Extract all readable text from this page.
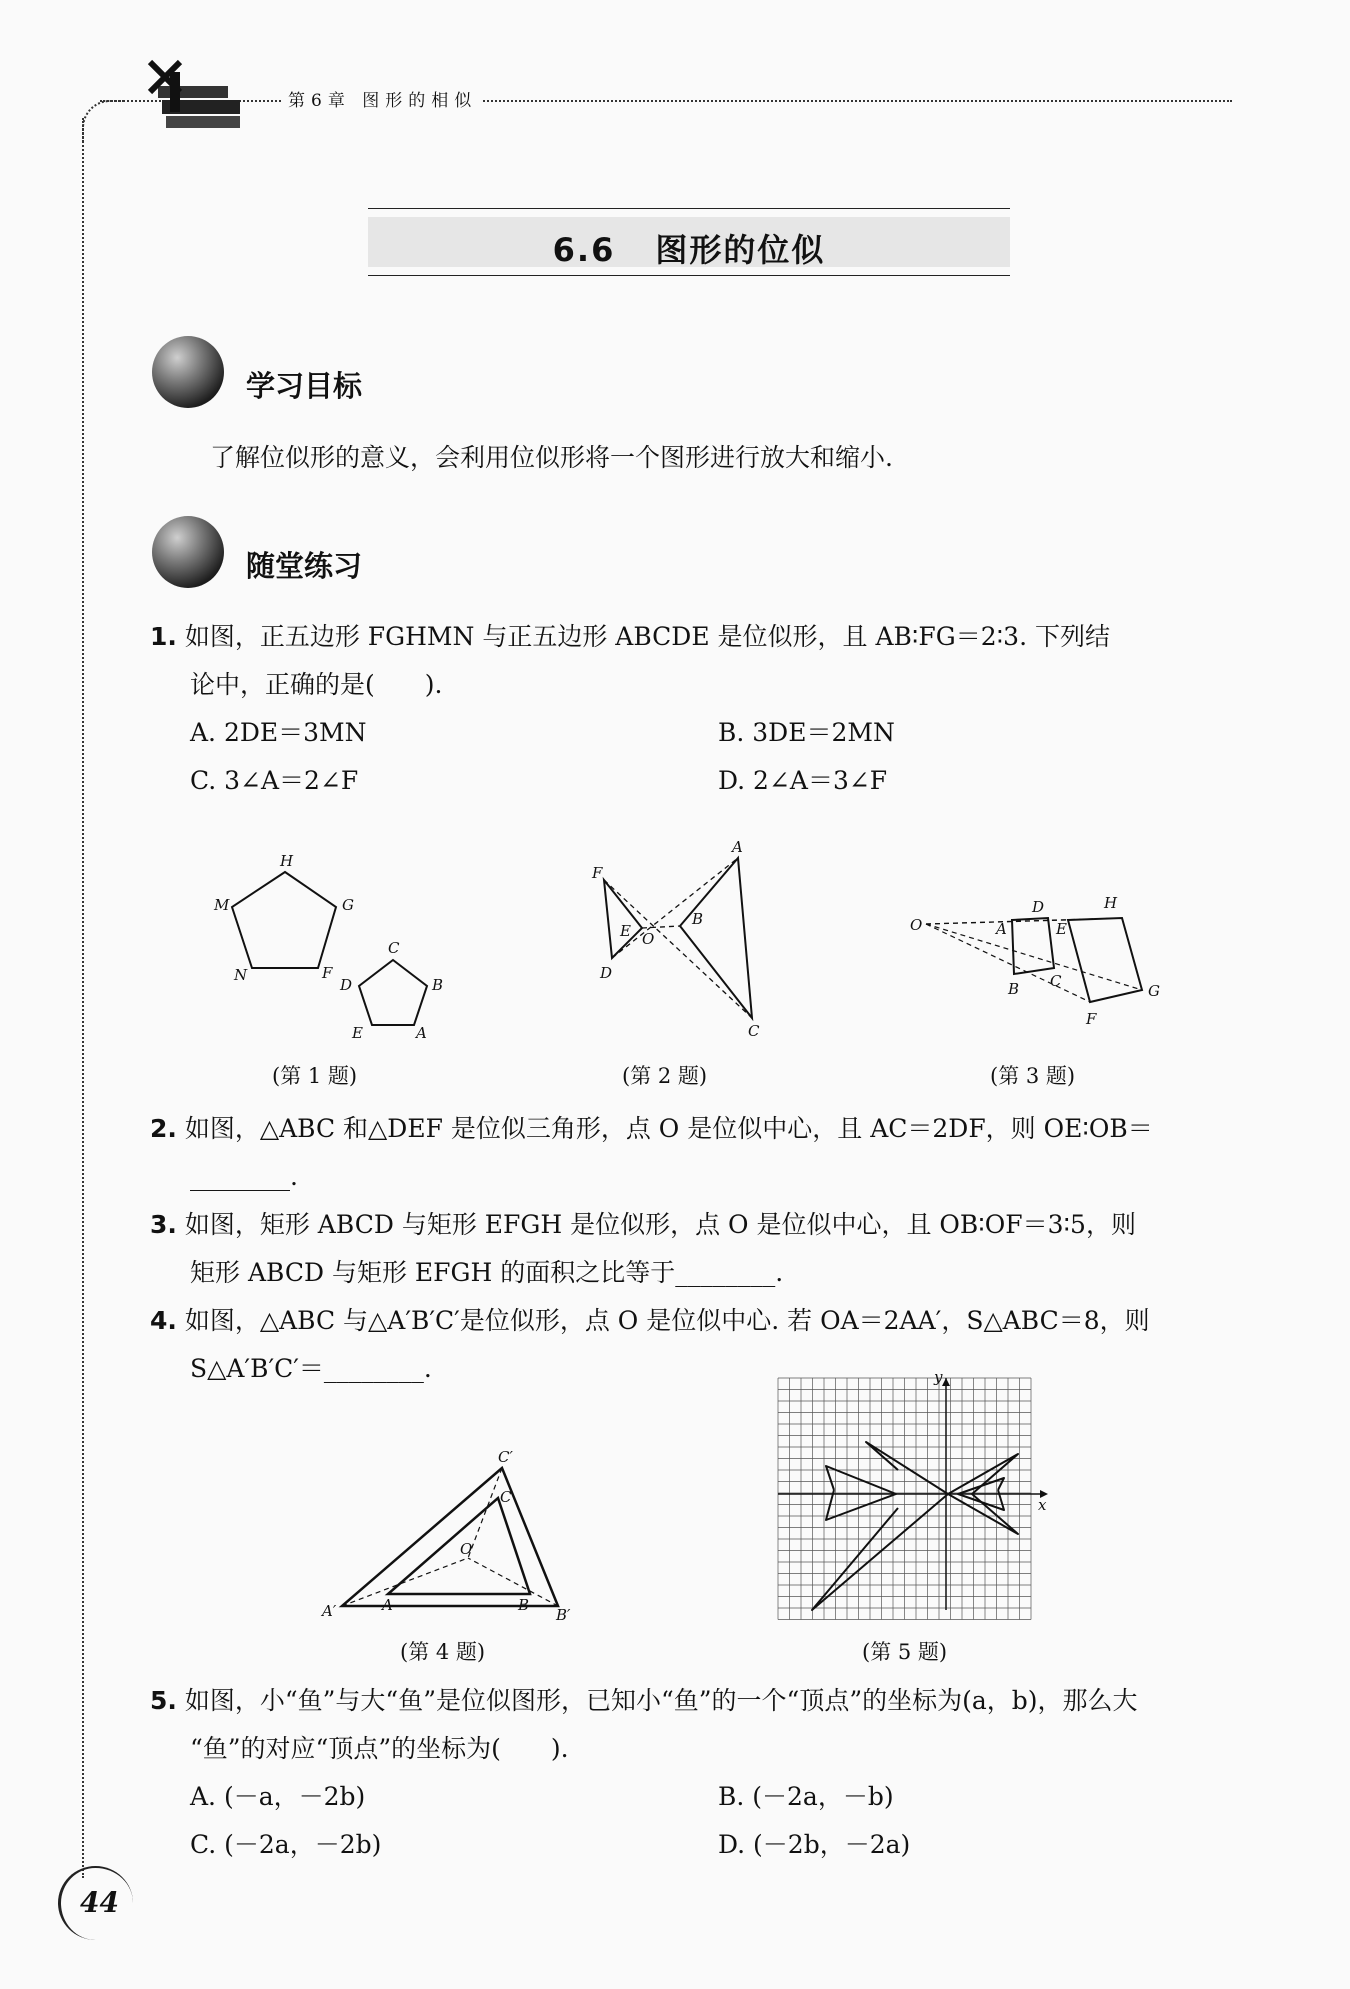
第6章 图形的相似
6.6 图形的位似
学习目标
了解位似形的意义，会利用位似形将一个图形进行放大和缩小.
随堂练习
1. 如图，正五边形 FGHMN 与正五边形 ABCDE 是位似形，且 AB∶FG＝2∶3. 下列结
论中，正确的是(　　).
A. 2DE＝3MN	B. 3DE＝2MN
C. 3∠A＝2∠F	D. 2∠A＝3∠F
H
G
M
N	F
C
D	B
E	A
(第 1 题)
F
A
E O
B
D
C
(第 2 题)
O
D	H
A	E
B C
G
F
(第 3 题)
2. 如图，△ABC 和△DEF 是位似三角形，点 O 是位似中心，且 AC＝2DF，则 OE∶OB＝
________.
3. 如图，矩形 ABCD 与矩形 EFGH 是位似形，点 O 是位似中心，且 OB∶OF＝3∶5，则
矩形 ABCD 与矩形 EFGH 的面积之比等于________.
4. 如图，△ABC 与△A′B′C′是位似形，点 O 是位似中心. 若 OA＝2AA′，S△ABC＝8，则
S△A′B′C′＝________.
C′
C
O
A′	A	B
B′
(第 4 题)
y
x
(第 5 题)
5. 如图，小“鱼”与大“鱼”是位似图形，已知小“鱼”的一个“顶点”的坐标为(a，b)，那么大
“鱼”的对应“顶点”的坐标为(　　).
A. (－a，－2b)	B. (－2a，－b)
C. (－2a，－2b)	D. (－2b，－2a)
44
